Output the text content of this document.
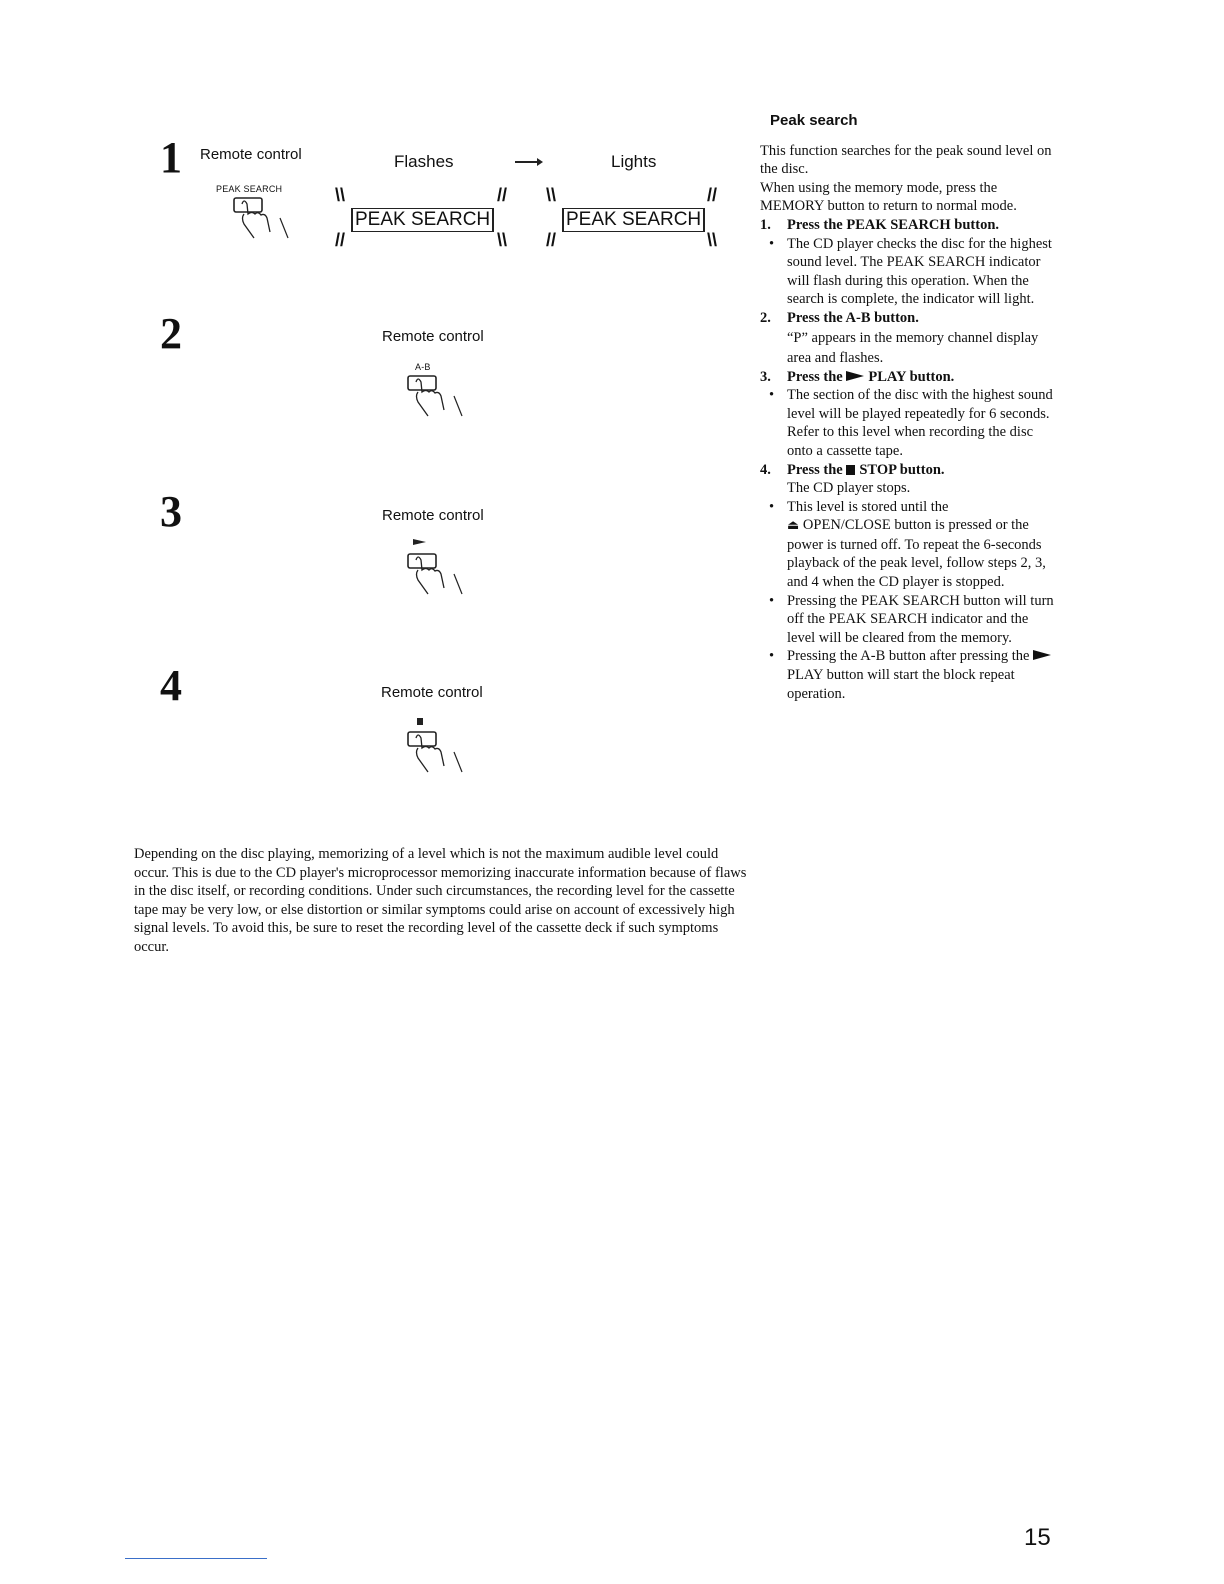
1 Remote control
PEAK SEARCH
Flashes	Lights
\\	//
PEAK SEARCH
//	\\
\\	//
PEAK SEARCH
//	\\
2	Remote control
A-B
3	Remote control
4	Remote control
Peak search

This function searches for the peak sound level on the disc.

When using the memory mode, press the MEMORY button to return to normal mode.

1.	Press the PEAK SEARCH button.
• The CD player checks the disc for the highest sound level. The PEAK SEARCH indicator will flash during this operation. When the search is complete, the indicator will light.
2.	Press the A-B button.

“P” appears in the memory channel display area and flashes.

3.	Press the PLAY button.
• The section of the disc with the highest sound level will be played repeatedly for 6 seconds. Refer to this level when recording the disc onto a cassette tape.
4.	Press the STOP button.

The CD player stops.

• This level is stored until the
⏏ OPEN/CLOSE button is pressed or the power is turned off. To repeat the 6-seconds playback of the peak level, follow steps 2, 3, and 4 when the CD player is stopped.
• Pressing the PEAK SEARCH button will turn off the PEAK SEARCH indicator and the level will be cleared from the memory.
• Pressing the A-B button after pressing the PLAY button will start the block repeat operation.

Depending on the disc playing, memorizing of a level which is not the maximum audible level could occur. This is due to the CD player's microprocessor memorizing inaccurate information because of flaws in the disc itself, or recording conditions. Under such circumstances, the recording level for the cassette tape may be very low, or else distortion or similar symptoms could arise on account of excessively high signal levels. To avoid this, be sure to reset the recording level of the cassette deck if such symptoms occur.

15
